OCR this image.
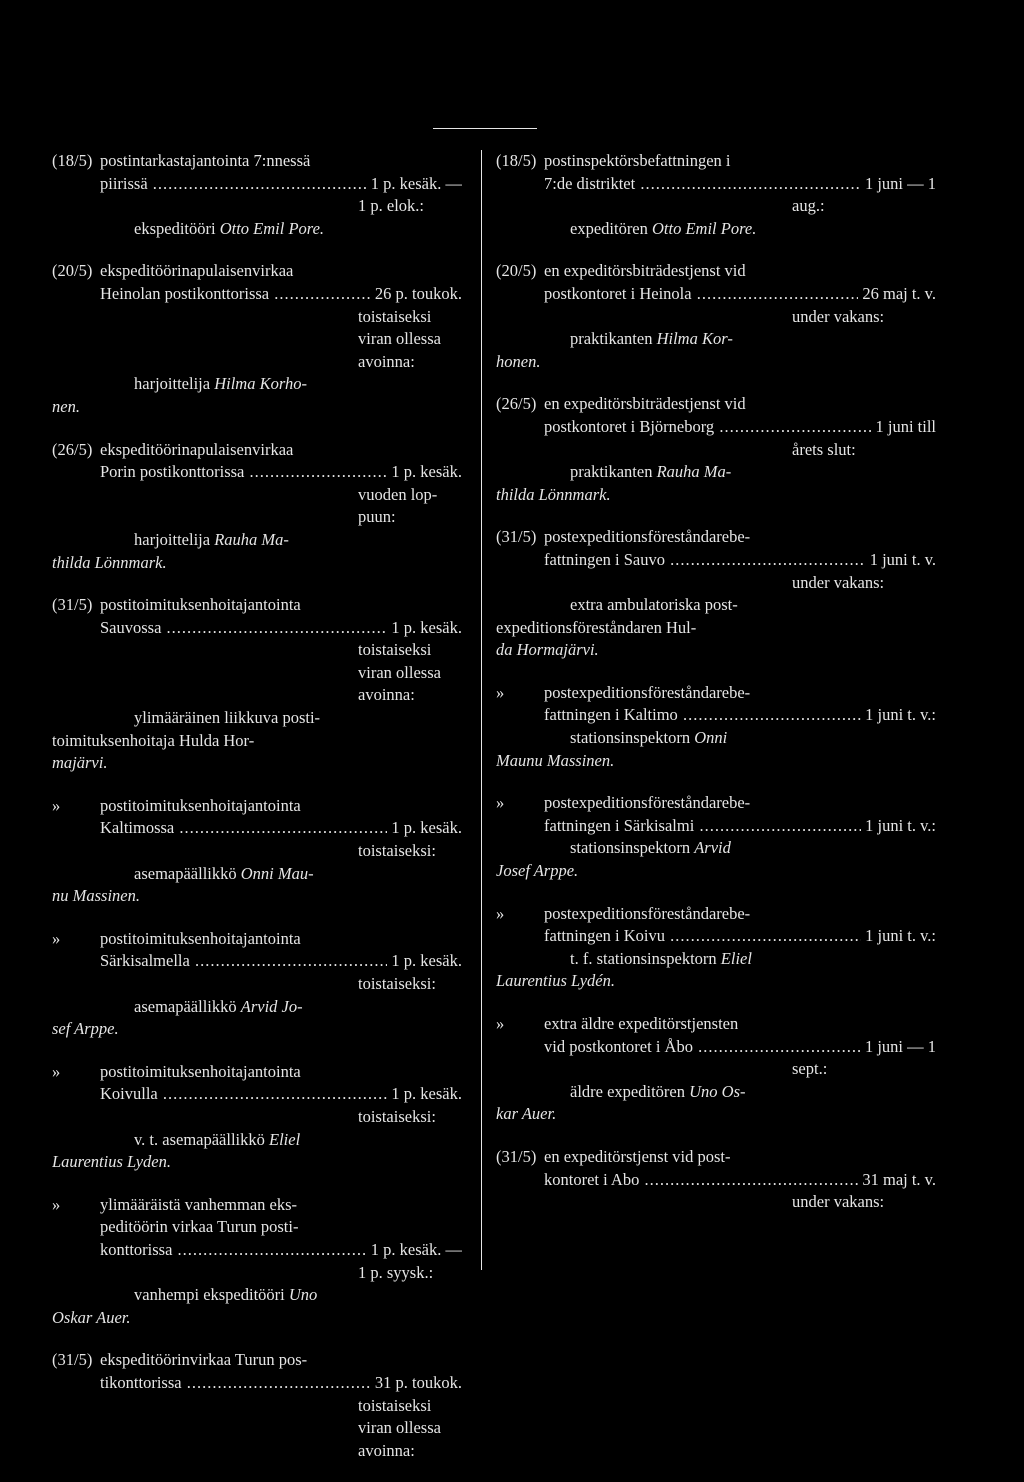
(18/5) postintarkastajantointa 7:nnessä
piirissä .....	1 p. kesäk. —
1 p. elok.:
ekspeditööri Otto Emil Pore.
(20/5) ekspeditöörinapulaisenvirkaa
Heinolan postikonttorissa .....	26 p. toukok.
toistaiseksi
viran ollessa
avoinna:
harjoittelija Hilma Korho-
nen.
(26/5) ekspeditöörinapulaisenvirkaa
Porin postikonttorissa .....	1 p. kesäk.
vuoden lop-
puun:
harjoittelija Rauha Ma-
thilda Lönnmark.
(31/5) postitoimituksenhoitajantointa
Sauvossa .....	1 p. kesäk.
toistaiseksi
viran ollessa
avoinna:
ylimääräinen liikkuva posti-
toimituksenhoitaja Hulda Hor-
majärvi.
» postitoimituksenhoitajantointa
Kaltimossa .....	1 p. kesäk.
toistaiseksi:
asemapäällikkö Onni Mau-
nu Massinen.
» postitoimituksenhoitajantointa
Särkisalmella .....	1 p. kesäk.
toistaiseksi:
asemapäällikkö Arvid Jo-
sef Arppe.
» postitoimituksenhoitajantointa
Koivulla .....	1 p. kesäk.
toistaiseksi:
v. t. asemapäällikkö Eliel
Laurentius Lyden.
» ylimääräistä vanhemman eks-
peditöörin virkaa Turun posti-
konttorissa .....	1 p. kesäk. —
1 p. syysk.:
vanhempi ekspeditööri Uno
Oskar Auer.
(31/5) ekspeditöörinvirkaa Turun pos-
tikonttorissa .....	31 p. toukok.
toistaiseksi
viran ollessa
avoinna:
(18/5) postinspektörsbefattningen i
7:de distriktet .....	1 juni — 1
aug.:
expeditören Otto Emil Pore.
(20/5) en expeditörsbiträdestjenst vid
postkontoret i Heinola .....	26 maj t. v.
under vakans:
praktikanten Hilma Kor-
honen.
(26/5) en expeditörsbiträdestjenst vid
postkontoret i Björneborg .....	1 juni till
årets slut:
praktikanten Rauha Ma-
thilda Lönnmark.
(31/5) postexpeditionsföreståndarebe-
fattningen i Sauvo .....	1 juni t. v.
under vakans:
extra ambulatoriska post-
expeditionsföreståndaren Hul-
da Hormajärvi.
» postexpeditionsföreståndarebe-
fattningen i Kaltimo .....	1 juni t. v.:
stationsinspektorn Onni
Maunu Massinen.
» postexpeditionsföreståndarebe-
fattningen i Särkisalmi .....	1 juni t. v.:
stationsinspektorn Arvid
Josef Arppe.
» postexpeditionsföreståndarebe-
fattningen i Koivu .....	1 juni t. v.:
t. f. stationsinspektorn Eliel
Laurentius Lydén.
» extra äldre expeditörstjensten
vid postkontoret i Åbo .....	1 juni — 1
sept.:
äldre expeditören Uno Os-
kar Auer.
(31/5) en expeditörstjenst vid post-
kontoret i Abo .....	31 maj t. v.
under vakans:
